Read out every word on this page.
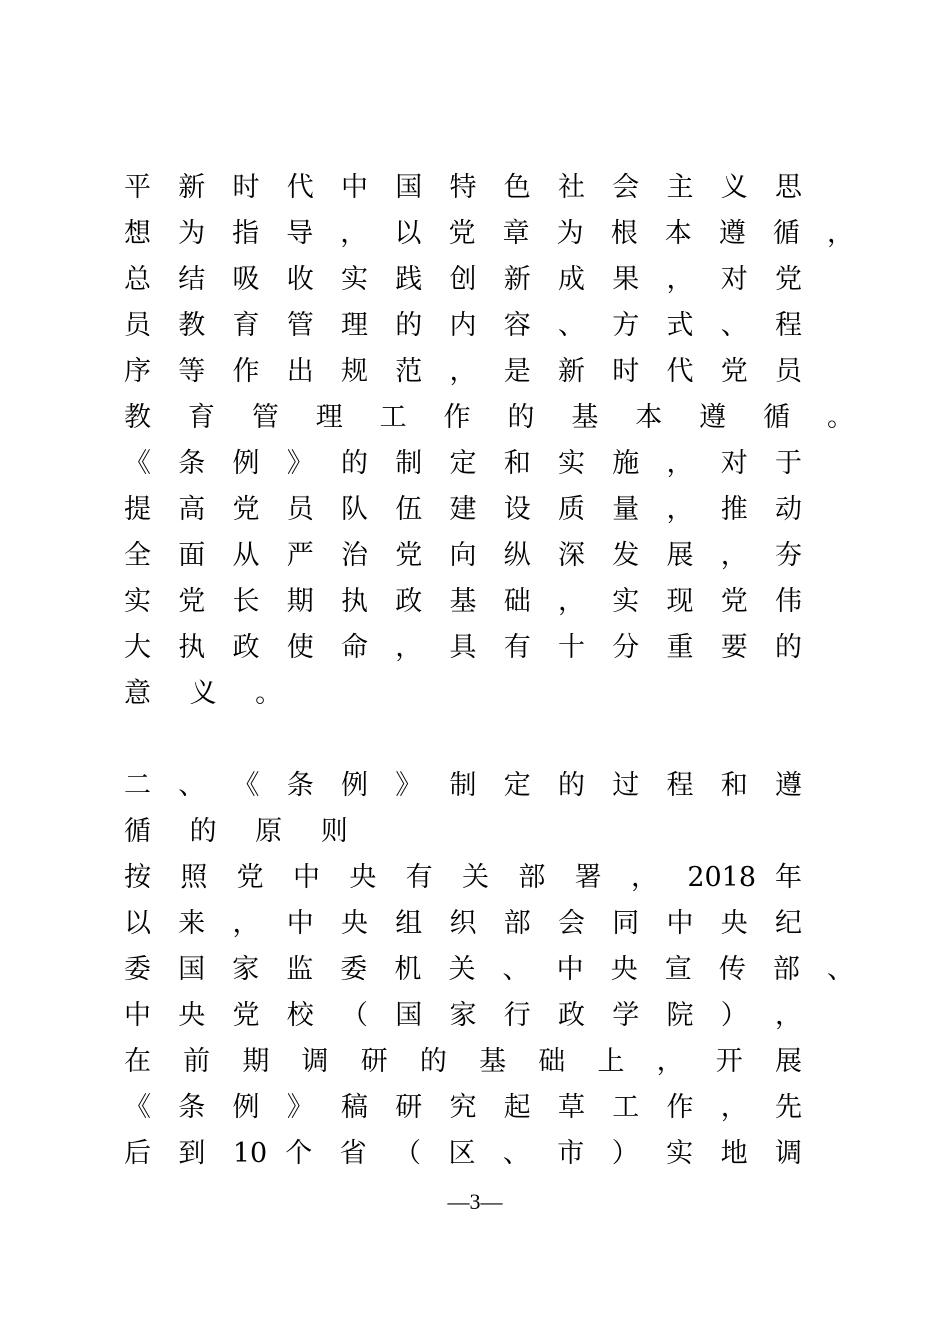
平 新 时 代 中 国 特 色 社 会 主 义 思
想 为 指 导 ， 以 党 章 为 根 本 遵 循 ，
总 结 吸 收 实 践 创 新 成 果 ， 对 党
员 教 育 管 理 的 内 容 、 方 式 、 程
序 等 作 出 规 范 ， 是 新 时 代 党 员
教 育 管 理 工 作 的 基 本 遵 循 。
《 条 例 》 的 制 定 和 实 施 ， 对 于
提 高 党 员 队 伍 建 设 质 量 ， 推 动
全 面 从 严 治 党 向 纵 深 发 展 ， 夯
实 党 长 期 执 政 基 础 ， 实 现 党 伟
大 执 政 使 命 ， 具 有 十 分 重 要 的
意 义 。
二 、 《 条 例 》 制 定 的 过 程 和 遵
循 的 原 则
按 照 党 中 央 有 关 部 署 ， 2018 年
以 来 ， 中 央 组 织 部 会 同 中 央 纪
委 国 家 监 委 机 关 、 中 央 宣 传 部 、
中 央 党 校 （ 国 家 行 政 学 院 ） ，
在 前 期 调 研 的 基 础 上 ， 开 展
《 条 例 》 稿 研 究 起 草 工 作 ， 先
后 到 10 个 省 （ 区 、 市 ） 实 地 调
—3—
